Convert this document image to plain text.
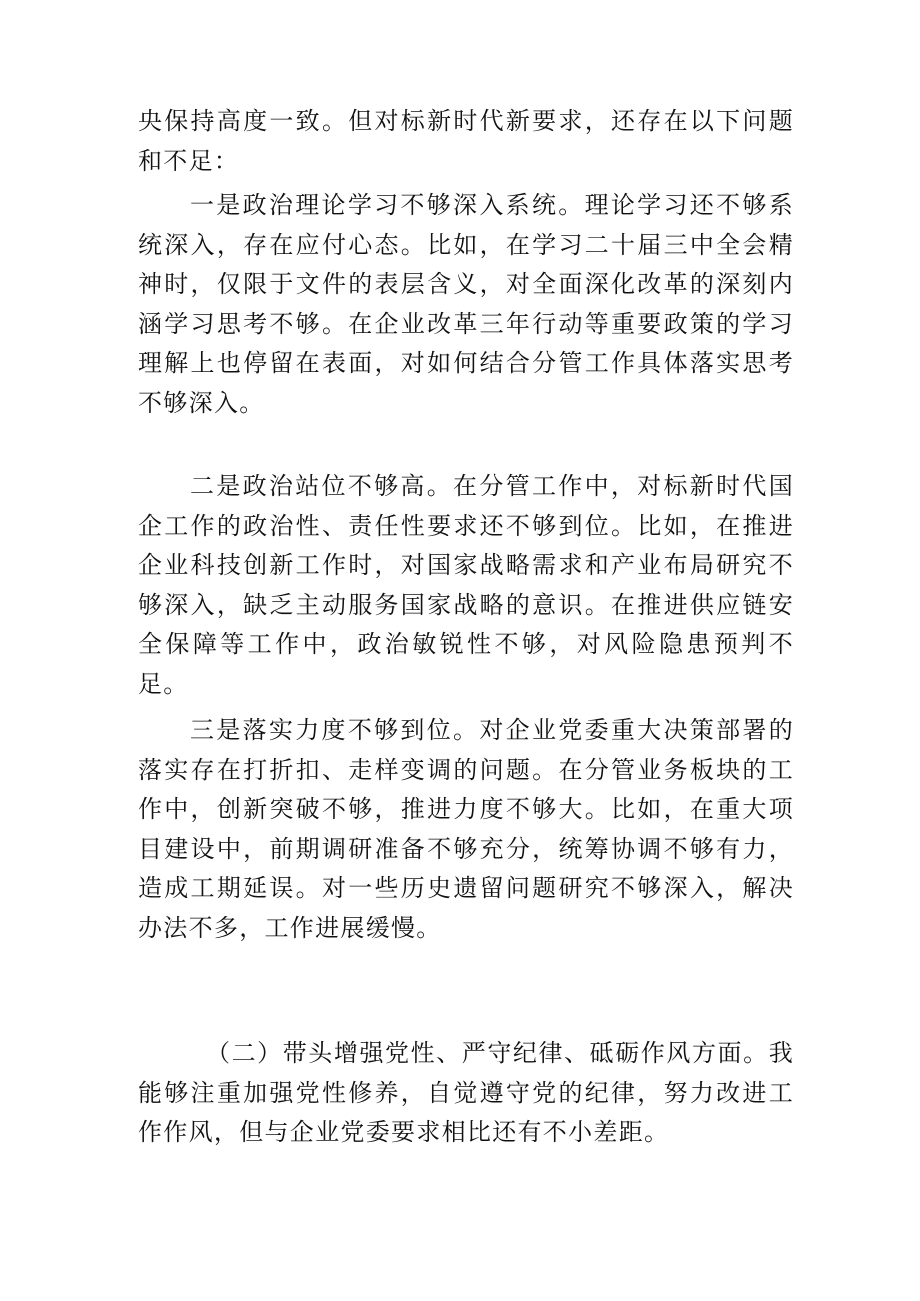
央保持高度一致。但对标新时代新要求，还存在以下问题和不足：

一是政治理论学习不够深入系统。理论学习还不够系统深入，存在应付心态。比如，在学习二十届三中全会精神时，仅限于文件的表层含义，对全面深化改革的深刻内涵学习思考不够。在企业改革三年行动等重要政策的学习理解上也停留在表面，对如何结合分管工作具体落实思考不够深入。

二是政治站位不够高。在分管工作中，对标新时代国企工作的政治性、责任性要求还不够到位。比如，在推进企业科技创新工作时，对国家战略需求和产业布局研究不够深入，缺乏主动服务国家战略的意识。在推进供应链安全保障等工作中，政治敏锐性不够，对风险隐患预判不足。

三是落实力度不够到位。对企业党委重大决策部署的落实存在打折扣、走样变调的问题。在分管业务板块的工作中，创新突破不够，推进力度不够大。比如，在重大项目建设中，前期调研准备不够充分，统筹协调不够有力，造成工期延误。对一些历史遗留问题研究不够深入，解决办法不多，工作进展缓慢。

（二）带头增强党性、严守纪律、砥砺作风方面。我能够注重加强党性修养，自觉遵守党的纪律，努力改进工作作风，但与企业党委要求相比还有不小差距。
